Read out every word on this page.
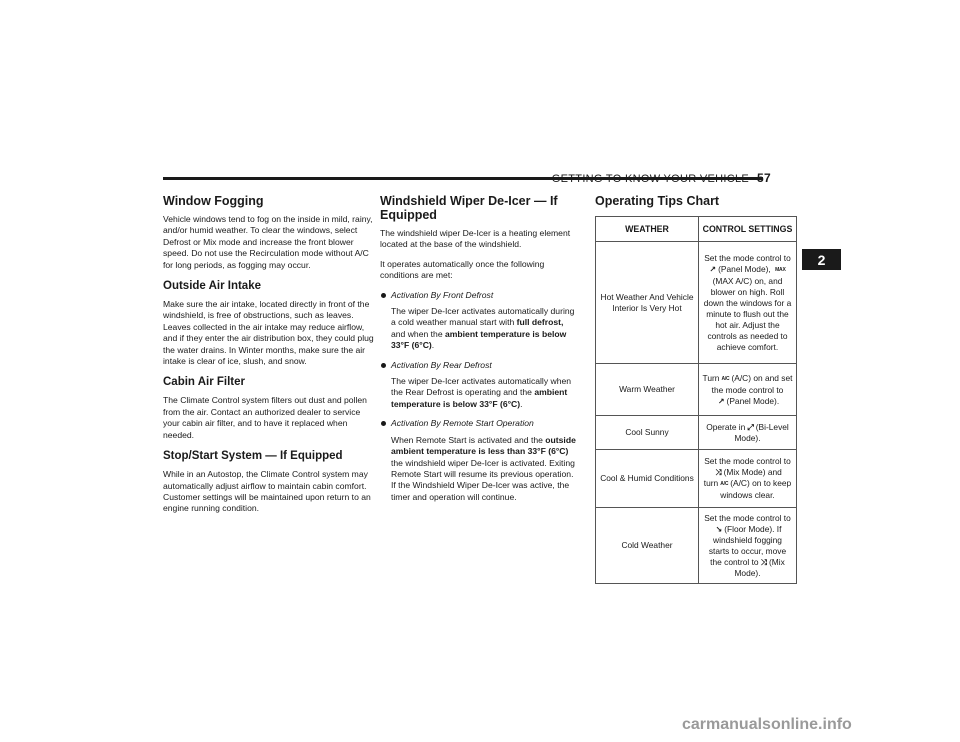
GETTING TO KNOW YOUR VEHICLE 57
2
Window Fogging

Vehicle windows tend to fog on the inside in mild, rainy, and/or humid weather. To clear the windows, select Defrost or Mix mode and increase the front blower speed. Do not use the Recirculation mode without A/C for long periods, as fogging may occur.

Outside Air Intake

Make sure the air intake, located directly in front of the windshield, is free of obstructions, such as leaves. Leaves collected in the air intake may reduce airflow, and if they enter the air distribution box, they could plug the water drains. In Winter months, make sure the air intake is clear of ice, slush, and snow.

Cabin Air Filter

The Climate Control system filters out dust and pollen from the air. Contact an authorized dealer to service your cabin air filter, and to have it replaced when needed.

Stop/Start System — If Equipped

While in an Autostop, the Climate Control system may automatically adjust airflow to maintain cabin comfort. Customer settings will be maintained upon return to an engine running condition.

Windshield Wiper De-Icer — If Equipped

The windshield wiper De-Icer is a heating element located at the base of the windshield.

It operates automatically once the following conditions are met:

Activation By Front Defrost

The wiper De-Icer activates automatically during a cold weather manual start with full defrost, and when the ambient temperature is below 33°F (6°C).

Activation By Rear Defrost

The wiper De-Icer activates automatically when the Rear Defrost is operating and the ambient temperature is below 33°F (6°C).

Activation By Remote Start Operation

When Remote Start is activated and the outside ambient temperature is less than 33°F (6°C) the windshield wiper De-Icer is activated. Exiting Remote Start will resume its previous operation. If the Windshield Wiper De-Icer was active, the timer and operation will continue.

Operating Tips Chart
WEATHER	CONTROL SETTINGS
Hot Weather And Vehicle Interior Is Very Hot	Set the mode control to
↗ (Panel Mode), MAX
(MAX A/C) on, and blower on high. Roll down the windows for a minute to flush out the hot air. Adjust the controls as needed to achieve comfort.
Warm Weather	Turn A/C (A/C) on and set the mode control to
↗ (Panel Mode).
Cool Sunny	Operate in ⤢ (Bi-Level Mode).
Cool & Humid Conditions	Set the mode control to
⤨ (Mix Mode) and
turn A/C (A/C) on to keep windows clear.
Cold Weather	Set the mode control to
↘ (Floor Mode). If windshield fogging starts to occur, move
the control to ⤨ (Mix Mode).
carmanualsonline.info
